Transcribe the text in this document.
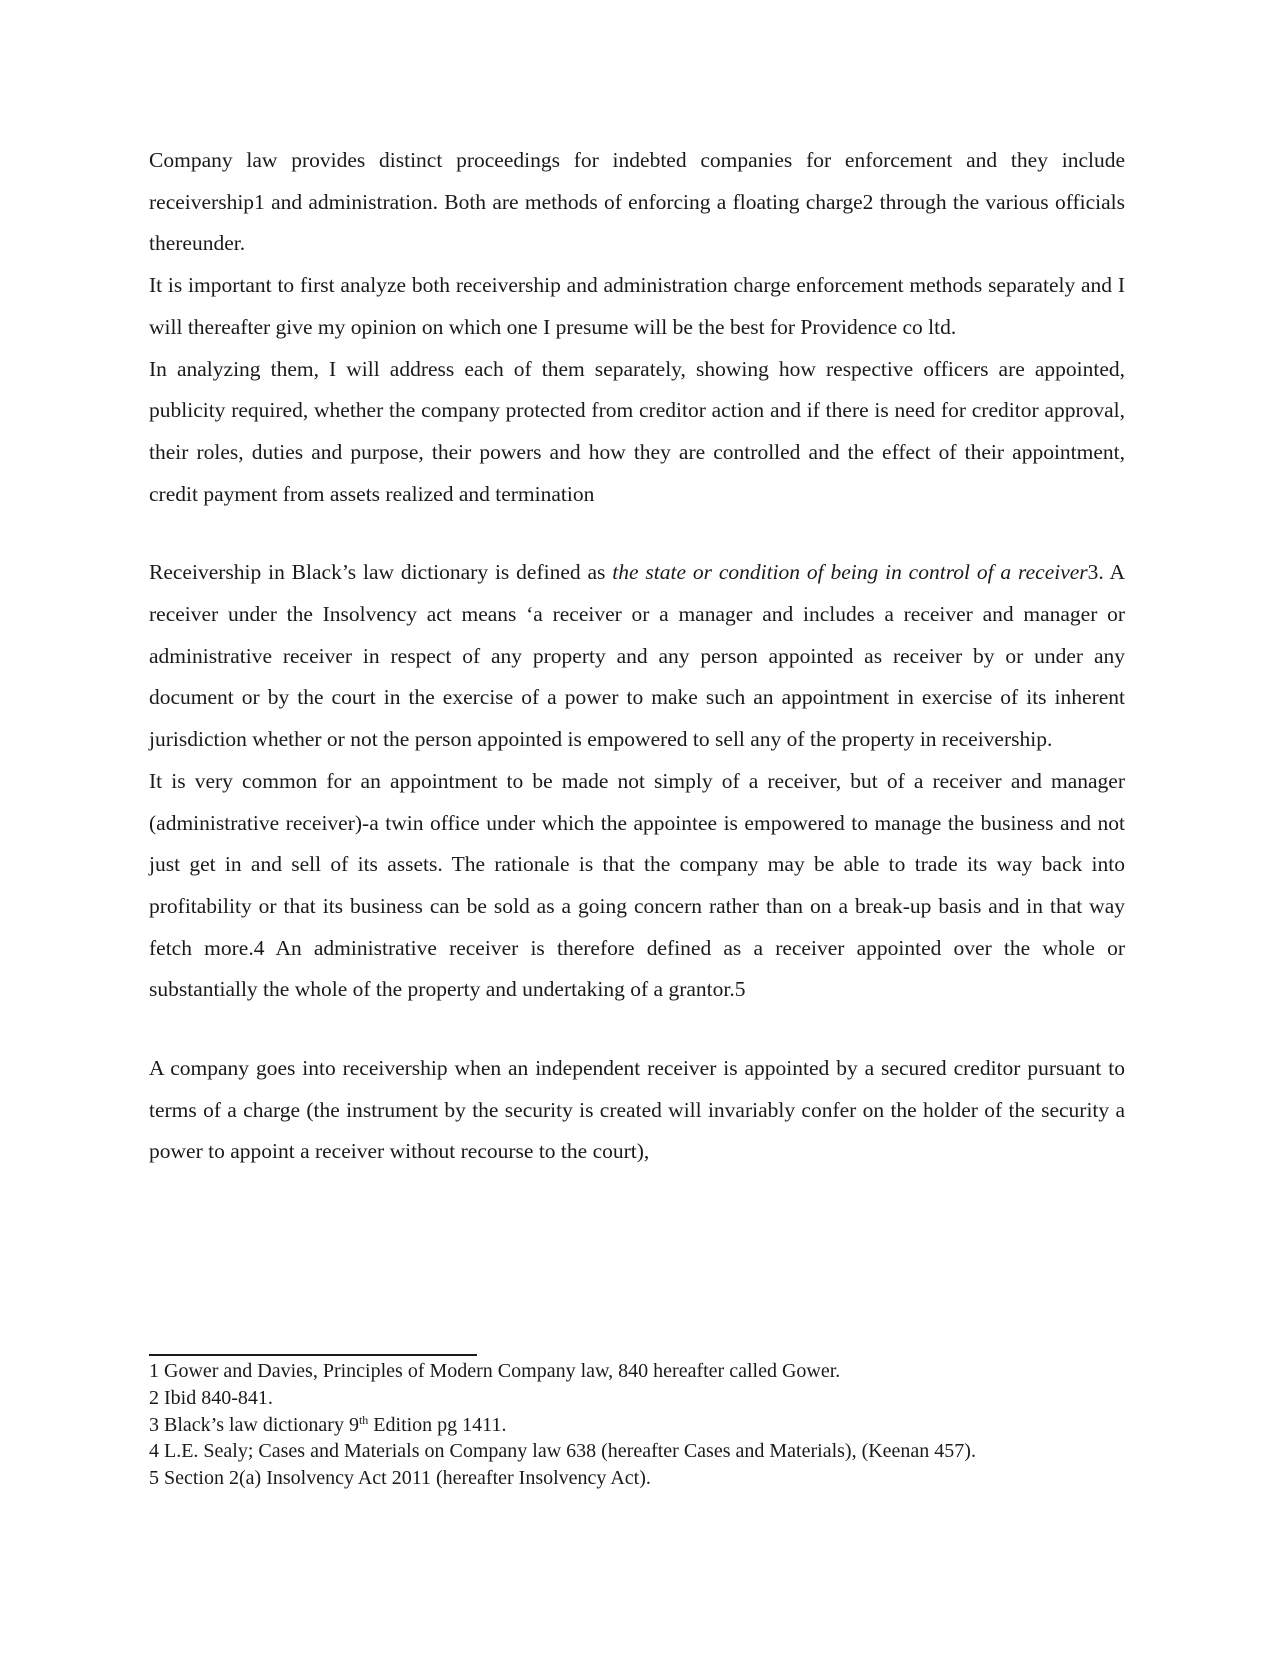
Company law provides distinct proceedings for indebted companies for enforcement and they include receivership1 and administration. Both are methods of enforcing a floating charge2 through the various officials thereunder.

It is important to first analyze both receivership and administration charge enforcement methods separately and I will thereafter give my opinion on which one I presume will be the best for Providence co ltd.

In analyzing them, I will address each of them separately, showing how respective officers are appointed, publicity required, whether the company protected from creditor action and if there is need for creditor approval, their roles, duties and purpose, their powers and how they are controlled and the effect of their appointment, credit payment from assets realized and termination

Receivership in Black’s law dictionary is defined as the state or condition of being in control of a receiver3. A receiver under the Insolvency act means ‘a receiver or a manager and includes a receiver and manager or administrative receiver in respect of any property and any person appointed as receiver by or under any document or by the court in the exercise of a power to make such an appointment in exercise of its inherent jurisdiction whether or not the person appointed is empowered to sell any of the property in receivership.

It is very common for an appointment to be made not simply of a receiver, but of a receiver and manager (administrative receiver)-a twin office under which the appointee is empowered to manage the business and not just get in and sell of its assets. The rationale is that the company may be able to trade its way back into profitability or that its business can be sold as a going concern rather than on a break-up basis and in that way fetch more.4 An administrative receiver is therefore defined as a receiver appointed over the whole or substantially the whole of the property and undertaking of a grantor.5

A company goes into receivership when an independent receiver is appointed by a secured creditor pursuant to terms of a charge (the instrument by the security is created will invariably confer on the holder of the security a power to appoint a receiver without recourse to the court),

1 Gower and Davies, Principles of Modern Company law, 840 hereafter called Gower.

2 Ibid 840-841.

3 Black’s law dictionary 9th Edition pg 1411.

4 L.E. Sealy; Cases and Materials on Company law 638 (hereafter Cases and Materials), (Keenan 457).

5 Section 2(a) Insolvency Act 2011 (hereafter Insolvency Act).
